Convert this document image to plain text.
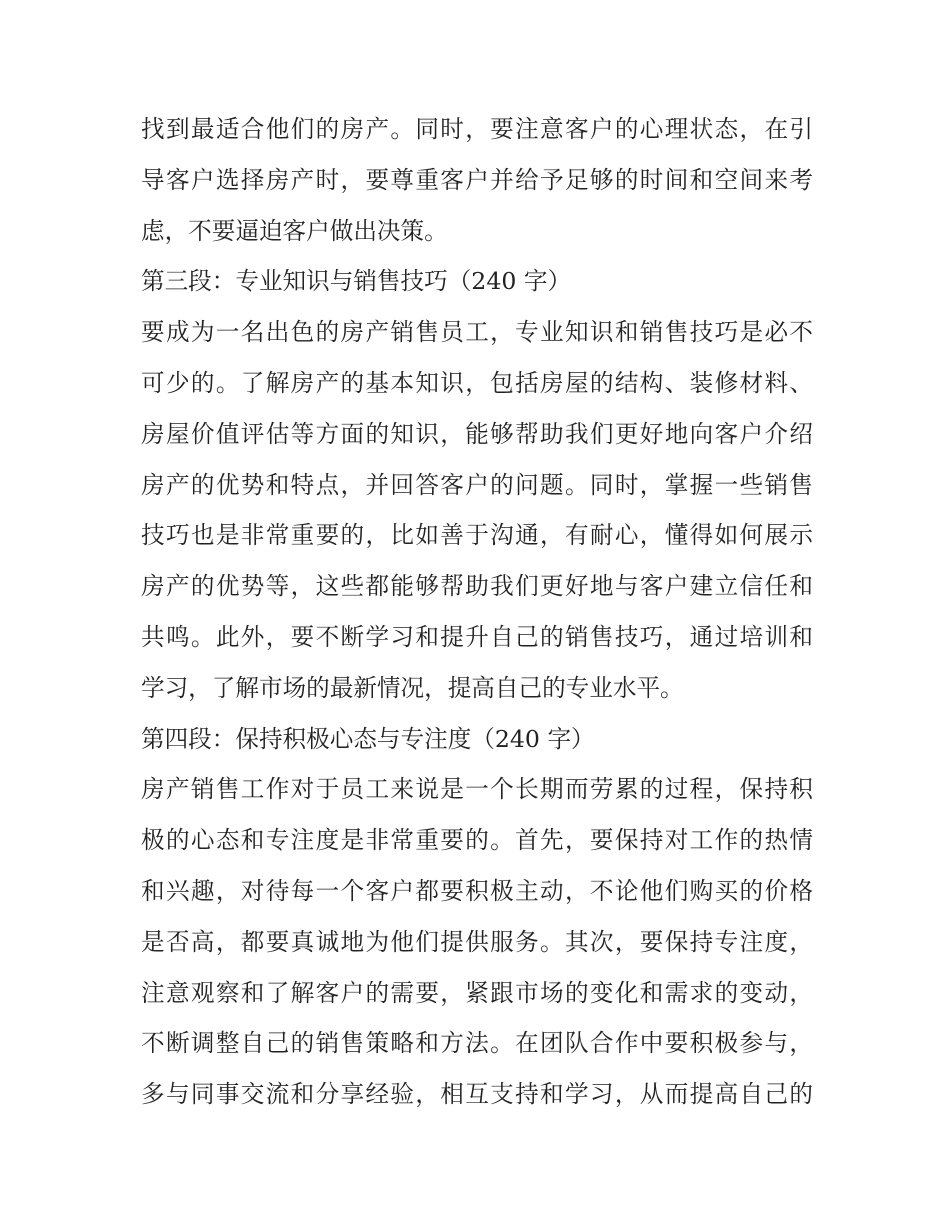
找到最适合他们的房产。同时，要注意客户的心理状态，在引
导客户选择房产时，要尊重客户并给予足够的时间和空间来考
虑，不要逼迫客户做出决策。
第三段：专业知识与销售技巧（240 字）
要成为一名出色的房产销售员工，专业知识和销售技巧是必不
可少的。了解房产的基本知识，包括房屋的结构、装修材料、
房屋价值评估等方面的知识，能够帮助我们更好地向客户介绍
房产的优势和特点，并回答客户的问题。同时，掌握一些销售
技巧也是非常重要的，比如善于沟通，有耐心，懂得如何展示
房产的优势等，这些都能够帮助我们更好地与客户建立信任和
共鸣。此外，要不断学习和提升自己的销售技巧，通过培训和
学习，了解市场的最新情况，提高自己的专业水平。
第四段：保持积极心态与专注度（240 字）
房产销售工作对于员工来说是一个长期而劳累的过程，保持积
极的心态和专注度是非常重要的。首先，要保持对工作的热情
和兴趣，对待每一个客户都要积极主动，不论他们购买的价格
是否高，都要真诚地为他们提供服务。其次，要保持专注度，
注意观察和了解客户的需要，紧跟市场的变化和需求的变动，
不断调整自己的销售策略和方法。在团队合作中要积极参与，
多与同事交流和分享经验，相互支持和学习，从而提高自己的
